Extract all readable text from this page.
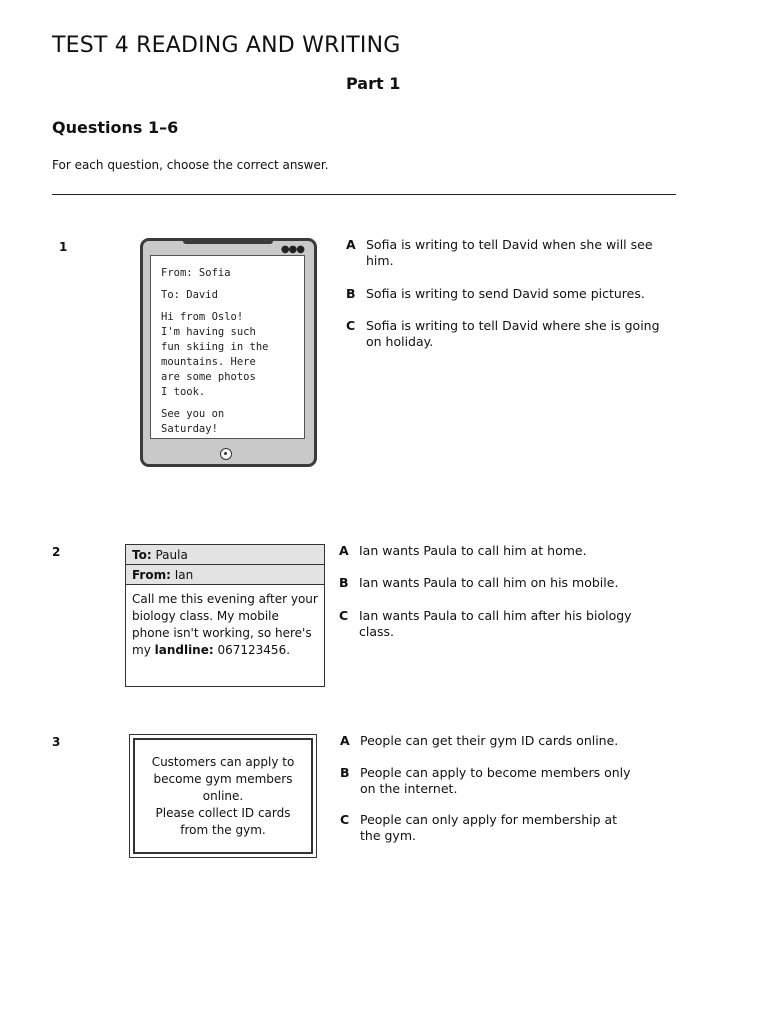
TEST 4 READING AND WRITING
Part 1
Questions 1–6

For each question, choose the correct answer.

1	●●●

From: Sofia

To: David

Hi from Oslo!

I'm having such

fun skiing in the

mountains. Here

are some photos

I took.

See you on

Saturday!

A Sofia is writing to tell David when she will see him.
B Sofia is writing to send David some pictures.
C Sofia is writing to tell David where she is going on holiday.
2	To: Paula
From: Ian
Call me this evening after your biology class. My mobile phone isn't working, so here's my landline: 067123456.
A Ian wants Paula to call him at home.
B Ian wants Paula to call him on his mobile.
C Ian wants Paula to call him after his biology class.
3
Customers can apply to
become gym members
online.
Please collect ID cards
from the gym.
A People can get their gym ID cards online.
B People can apply to become members only on the internet.
C People can only apply for membership at the gym.
